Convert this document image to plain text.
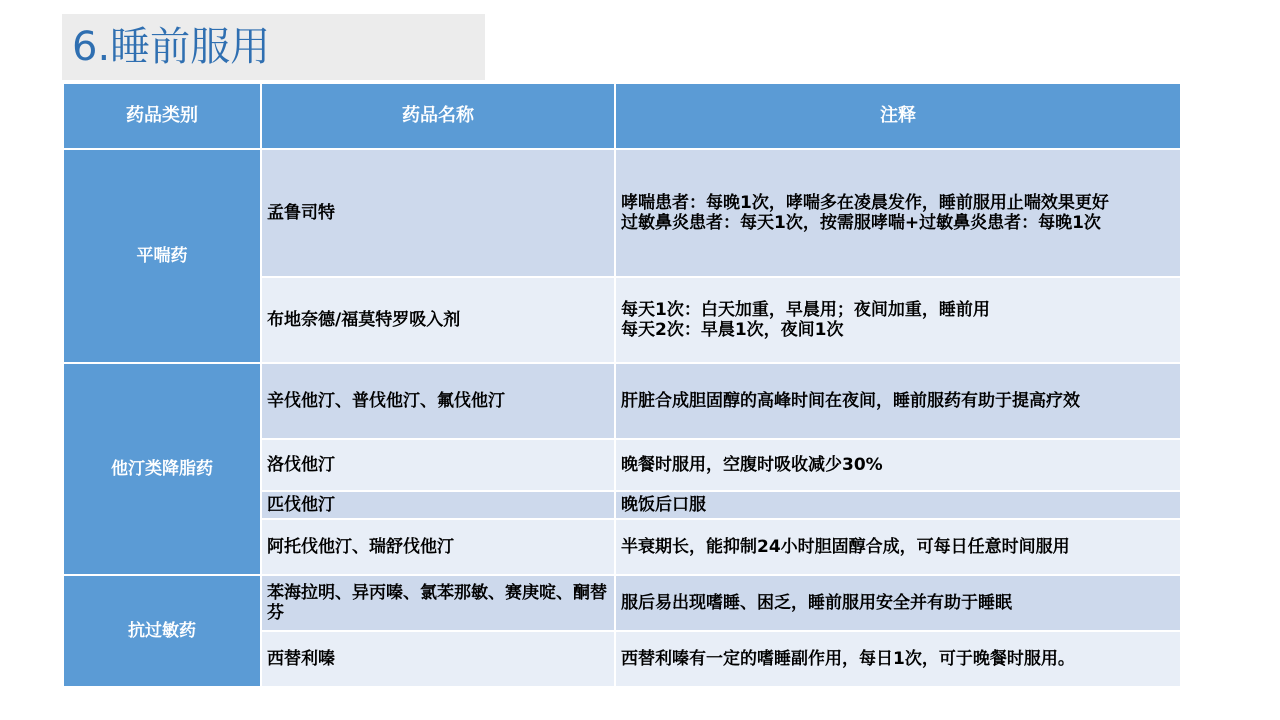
6.睡前服用
药品类别	药品名称	注释
平喘药	孟鲁司特	哮喘患者：每晚1次，哮喘多在凌晨发作，睡前服用止喘效果更好
过敏鼻炎患者：每天1次，按需服哮喘+过敏鼻炎患者：每晚1次
	布地奈德/福莫特罗吸入剂	每天1次：白天加重，早晨用；夜间加重，睡前用
每天2次：早晨1次，夜间1次
他汀类降脂药	辛伐他汀、普伐他汀、氟伐他汀	肝脏合成胆固醇的高峰时间在夜间，睡前服药有助于提高疗效
	洛伐他汀	晚餐时服用，空腹时吸收减少30%
	匹伐他汀	晚饭后口服
	阿托伐他汀、瑞舒伐他汀	半衰期长，能抑制24小时胆固醇合成，可每日任意时间服用
抗过敏药	苯海拉明、异丙嗪、氯苯那敏、赛庚啶、酮替芬	服后易出现嗜睡、困乏，睡前服用安全并有助于睡眠
	西替利嗪	西替利嗪有一定的嗜睡副作用，每日1次，可于晚餐时服用。
